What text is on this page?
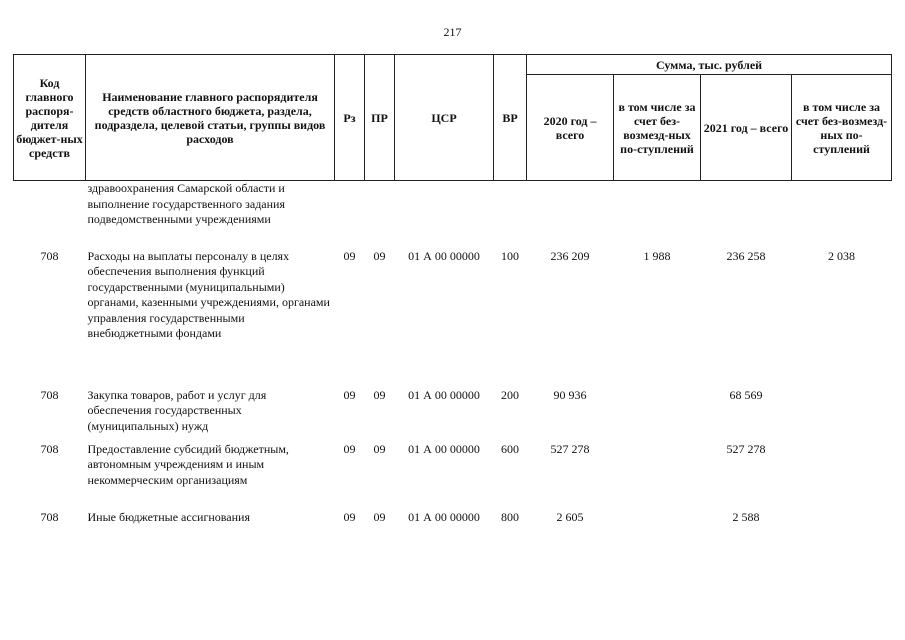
217
Код главного распоря-дителя бюджет-ных средств	Наименование главного распорядителя средств областного бюджета, раздела, подраздела, целевой статьи, группы видов расходов	Рз	ПР	ЦСР	ВР	Сумма, тыс. рублей			
						2020 год – всего	в том числе за счет без-возмезд-ных по-ступлений	2021 год – всего	в том числе за счет без-возмезд-ных по-ступлений
	здравоохранения Самарской области и выполнение государственного задания подведомственными учреждениями								
708	Расходы на выплаты персоналу в целях обеспечения выполнения функций государственными (муниципальными) органами, казенными учреждениями, органами управления государственными внебюджетными фондами	09	09	01 А 00 00000	100	236 209	1 988	236 258	2 038
708	Закупка товаров, работ и услуг для обеспечения государственных (муниципальных) нужд	09	09	01 А 00 00000	200	90 936		68 569	
708	Предоставление субсидий бюджетным, автономным учреждениям и иным некоммерческим организациям	09	09	01 А 00 00000	600	527 278		527 278	
708	Иные бюджетные ассигнования	09	09	01 А 00 00000	800	2 605		2 588	
